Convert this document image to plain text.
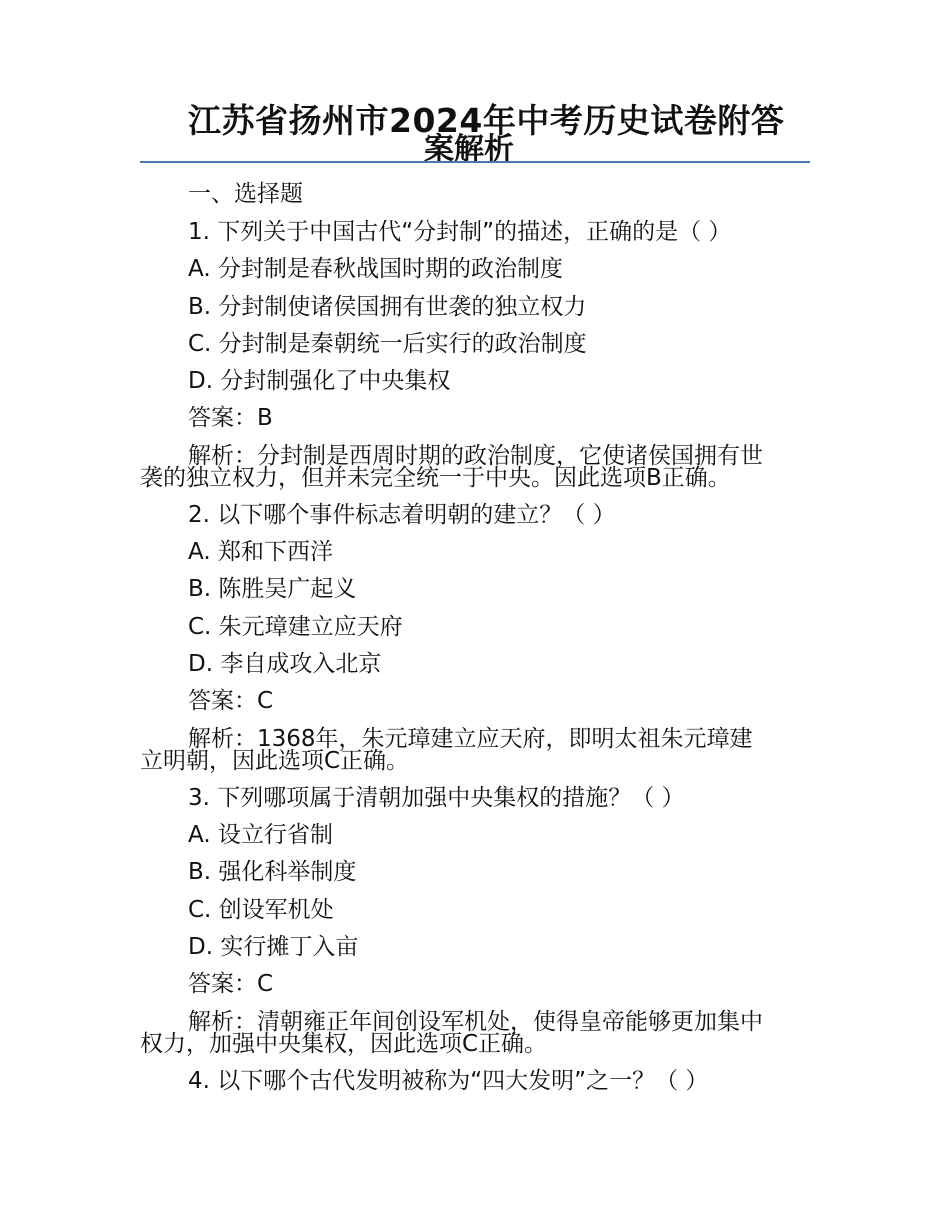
江苏省扬州市2024年中考历史试卷附答
案解析
一、选择题
1. 下列关于中国古代“分封制”的描述，正确的是（ ）
A. 分封制是春秋战国时期的政治制度
B. 分封制使诸侯国拥有世袭的独立权力
C. 分封制是秦朝统一后实行的政治制度
D. 分封制强化了中央集权
答案：B
解析：分封制是西周时期的政治制度，它使诸侯国拥有世
袭的独立权力，但并未完全统一于中央。因此选项B正确。
2. 以下哪个事件标志着明朝的建立？（ ）
A. 郑和下西洋
B. 陈胜吴广起义
C. 朱元璋建立应天府
D. 李自成攻入北京
答案：C
解析：1368年，朱元璋建立应天府，即明太祖朱元璋建
立明朝，因此选项C正确。
3. 下列哪项属于清朝加强中央集权的措施？（ ）
A. 设立行省制
B. 强化科举制度
C. 创设军机处
D. 实行摊丁入亩
答案：C
解析：清朝雍正年间创设军机处，使得皇帝能够更加集中
权力，加强中央集权，因此选项C正确。
4. 以下哪个古代发明被称为“四大发明”之一？（ ）
